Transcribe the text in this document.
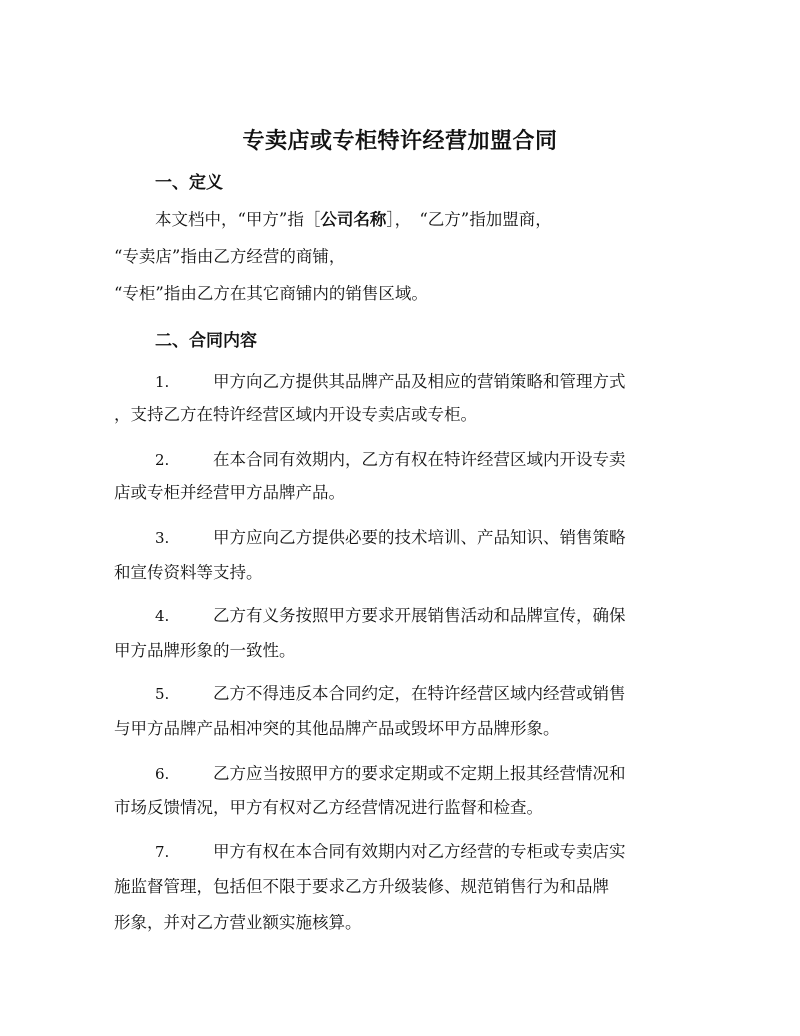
专卖店或专柜特许经营加盟合同
一、定义
本文档中，“甲方”指［公司名称］，　“乙方”指加盟商，
“专卖店”指由乙方经营的商铺，
“专柜”指由乙方在其它商铺内的销售区域。
二、合同内容
1.	甲方向乙方提供其品牌产品及相应的营销策略和管理方式
，支持乙方在特许经营区域内开设专卖店或专柜。
2.	在本合同有效期内，乙方有权在特许经营区域内开设专卖
店或专柜并经营甲方品牌产品。
3.	甲方应向乙方提供必要的技术培训、产品知识、销售策略
和宣传资料等支持。
4.	乙方有义务按照甲方要求开展销售活动和品牌宣传，确保
甲方品牌形象的一致性。
5.	乙方不得违反本合同约定，在特许经营区域内经营或销售
与甲方品牌产品相冲突的其他品牌产品或毁坏甲方品牌形象。
6.	乙方应当按照甲方的要求定期或不定期上报其经营情况和
市场反馈情况，甲方有权对乙方经营情况进行监督和检查。
7.	甲方有权在本合同有效期内对乙方经营的专柜或专卖店实
施监督管理，包括但不限于要求乙方升级装修、规范销售行为和品牌
形象，并对乙方营业额实施核算。
